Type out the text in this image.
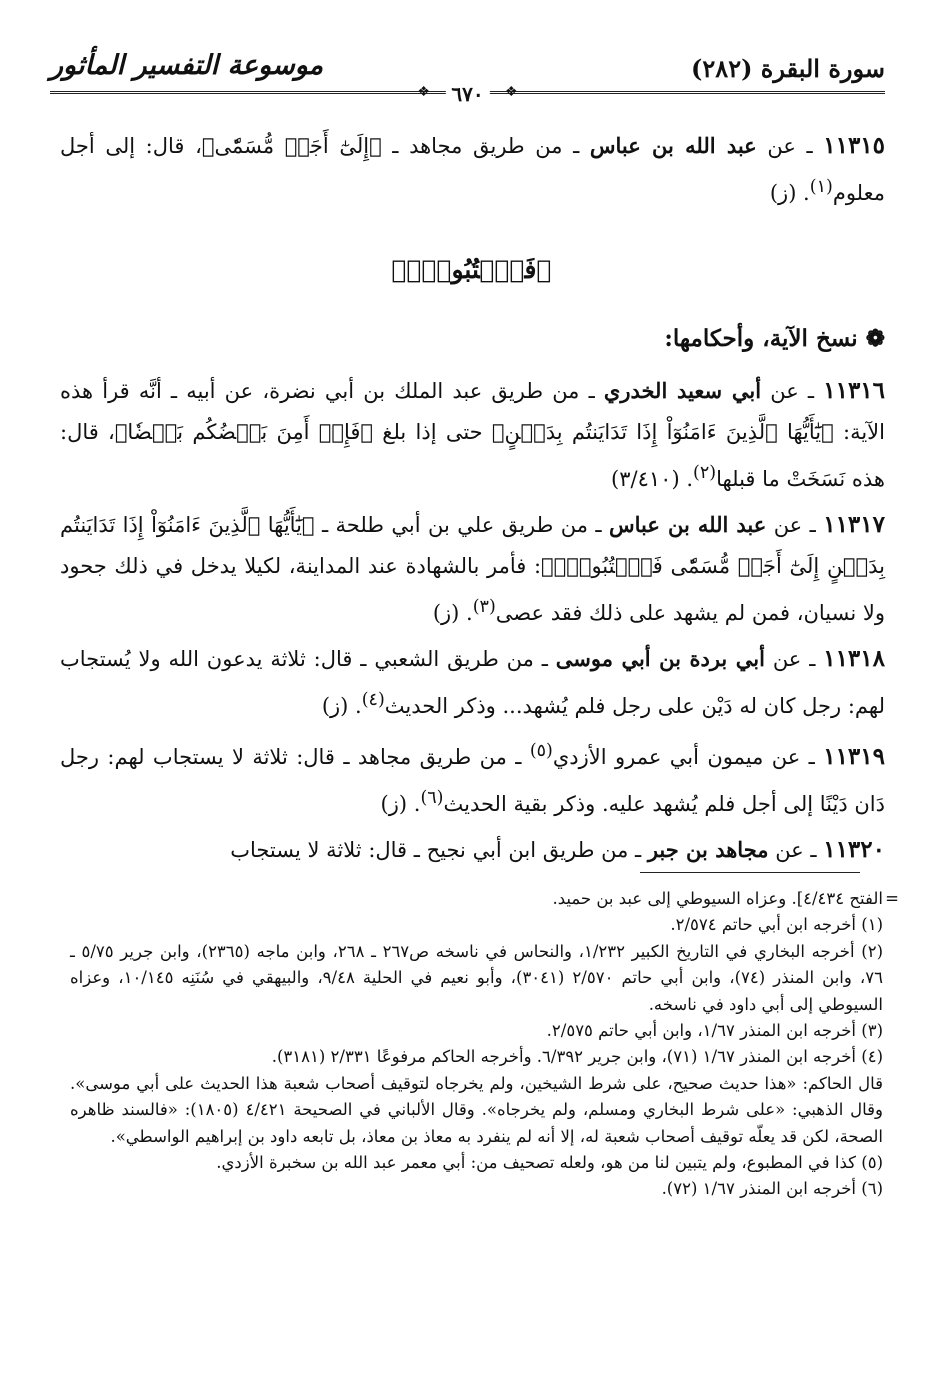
سورة البقرة (٢٨٢)
موسوعة التفسير المأثور
❖
❖	٦٧٠

١١٣١٥ ـ عن عبد الله بن عباس ـ من طريق مجاهد ـ ﴿إِلَىٰٓ أَجَلٖ مُّسَمّٗى﴾، قال: إلى أجل معلوم$^{(١)}$. (ز)

﴿فَٱكۡتُبُوهُۚ﴾
❁ نسخ الآية، وأحكامها:

١١٣١٦ ـ عن أبي سعيد الخدري ـ من طريق عبد الملك بن أبي نضرة، عن أبيه ـ أنَّه قرأ هذه الآية: ﴿يَٰٓأَيُّهَا ٱلَّذِينَ ءَامَنُوٓاْ إِذَا تَدَايَنتُم بِدَيۡنٍ﴾ حتى إذا بلغ ﴿فَإِنۡ أَمِنَ بَعۡضُكُم بَعۡضٗا﴾، قال: هذه نَسَخَتْ ما قبلها$^{(٢)}$. (٣/٤١٠)

١١٣١٧ ـ عن عبد الله بن عباس ـ من طريق علي بن أبي طلحة ـ ﴿يَٰٓأَيُّهَا ٱلَّذِينَ ءَامَنُوٓاْ إِذَا تَدَايَنتُم بِدَيۡنٍ إِلَىٰٓ أَجَلٖ مُّسَمّٗى فَٱكۡتُبُوهُۚ﴾: فأمر بالشهادة عند المداينة، لكيلا يدخل في ذلك جحود ولا نسيان، فمن لم يشهد على ذلك فقد عصى$^{(٣)}$. (ز)

١١٣١٨ ـ عن أبي بردة بن أبي موسى ـ من طريق الشعبي ـ قال: ثلاثة يدعون الله ولا يُستجاب لهم: رجل كان له دَيْن على رجل فلم يُشهد... وذكر الحديث$^{(٤)}$. (ز)

١١٣١٩ ـ عن ميمون أبي عمرو الأزدي$^{(٥)}$ ـ من طريق مجاهد ـ قال: ثلاثة لا يستجاب لهم: رجل دَان دَيْنًا إلى أجل فلم يُشهد عليه. وذكر بقية الحديث$^{(٦)}$. (ز)

١١٣٢٠ ـ عن مجاهد بن جبر ـ من طريق ابن أبي نجيح ـ قال: ثلاثة لا يستجاب

=
الفتح ٤/٤٣٤]. وعزاه السيوطي إلى عبد بن حميد.

(١) أخرجه ابن أبي حاتم ٢/٥٧٤.

(٢) أخرجه البخاري في التاريخ الكبير ١/٢٣٢، والنحاس في ناسخه ص٢٦٧ ـ ٢٦٨، وابن ماجه (٢٣٦٥)، وابن جرير ٥/٧٥ ـ ٧٦، وابن المنذر (٧٤)، وابن أبي حاتم ٢/٥٧٠ (٣٠٤١)، وأبو نعيم في الحلية ٩/٤٨، والبيهقي في سُنَنِه ١٠/١٤٥، وعزاه السيوطي إلى أبي داود في ناسخه.

(٣) أخرجه ابن المنذر ١/٦٧، وابن أبي حاتم ٢/٥٧٥.

(٤) أخرجه ابن المنذر ١/٦٧ (٧١)، وابن جرير ٦/٣٩٢. وأخرجه الحاكم مرفوعًا ٢/٣٣١ (٣١٨١).

قال الحاكم: «هذا حديث صحيح، على شرط الشيخين، ولم يخرجاه لتوقيف أصحاب شعبة هذا الحديث على أبي موسى». وقال الذهبي: «على شرط البخاري ومسلم، ولم يخرجاه». وقال الألباني في الصحيحة ٤/٤٢١ (١٨٠٥): «فالسند ظاهره الصحة، لكن قد يعلّه توقيف أصحاب شعبة له، إلا أنه لم ينفرد به معاذ بن معاذ، بل تابعه داود بن إبراهيم الواسطي».

(٥) كذا في المطبوع، ولم يتبين لنا من هو، ولعله تصحيف من: أبي معمر عبد الله بن سخبرة الأزدي.

(٦) أخرجه ابن المنذر ١/٦٧ (٧٢).
